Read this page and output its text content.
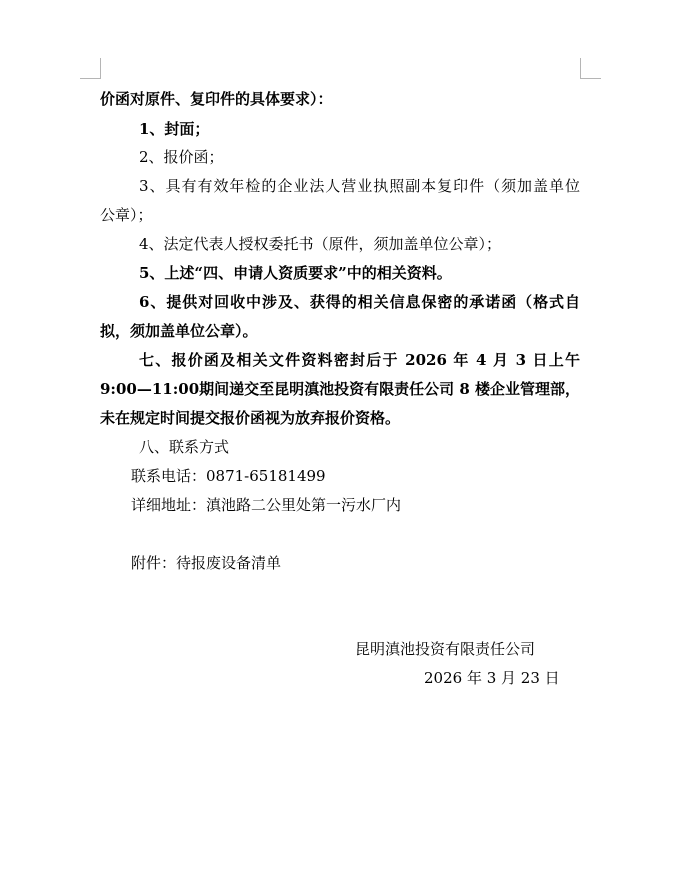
价函对原件、复印件的具体要求）：
1、封面；
2、报价函；
3、具有有效年检的企业法人营业执照副本复印件（须加盖单位
公章）；
4、法定代表人授权委托书（原件，须加盖单位公章）；
5、上述“四、申请人资质要求”中的相关资料。
6、提供对回收中涉及、获得的相关信息保密的承诺函（格式自
拟，须加盖单位公章）。
七、报价函及相关文件资料密封后于 2026 年 4 月 3 日上午
9:00—11:00期间递交至昆明滇池投资有限责任公司 8 楼企业管理部，
未在规定时间提交报价函视为放弃报价资格。
八、联系方式
联系电话：0871-65181499
详细地址：滇池路二公里处第一污水厂内
附件：待报废设备清单
昆明滇池投资有限责任公司
2026 年 3 月 23 日
